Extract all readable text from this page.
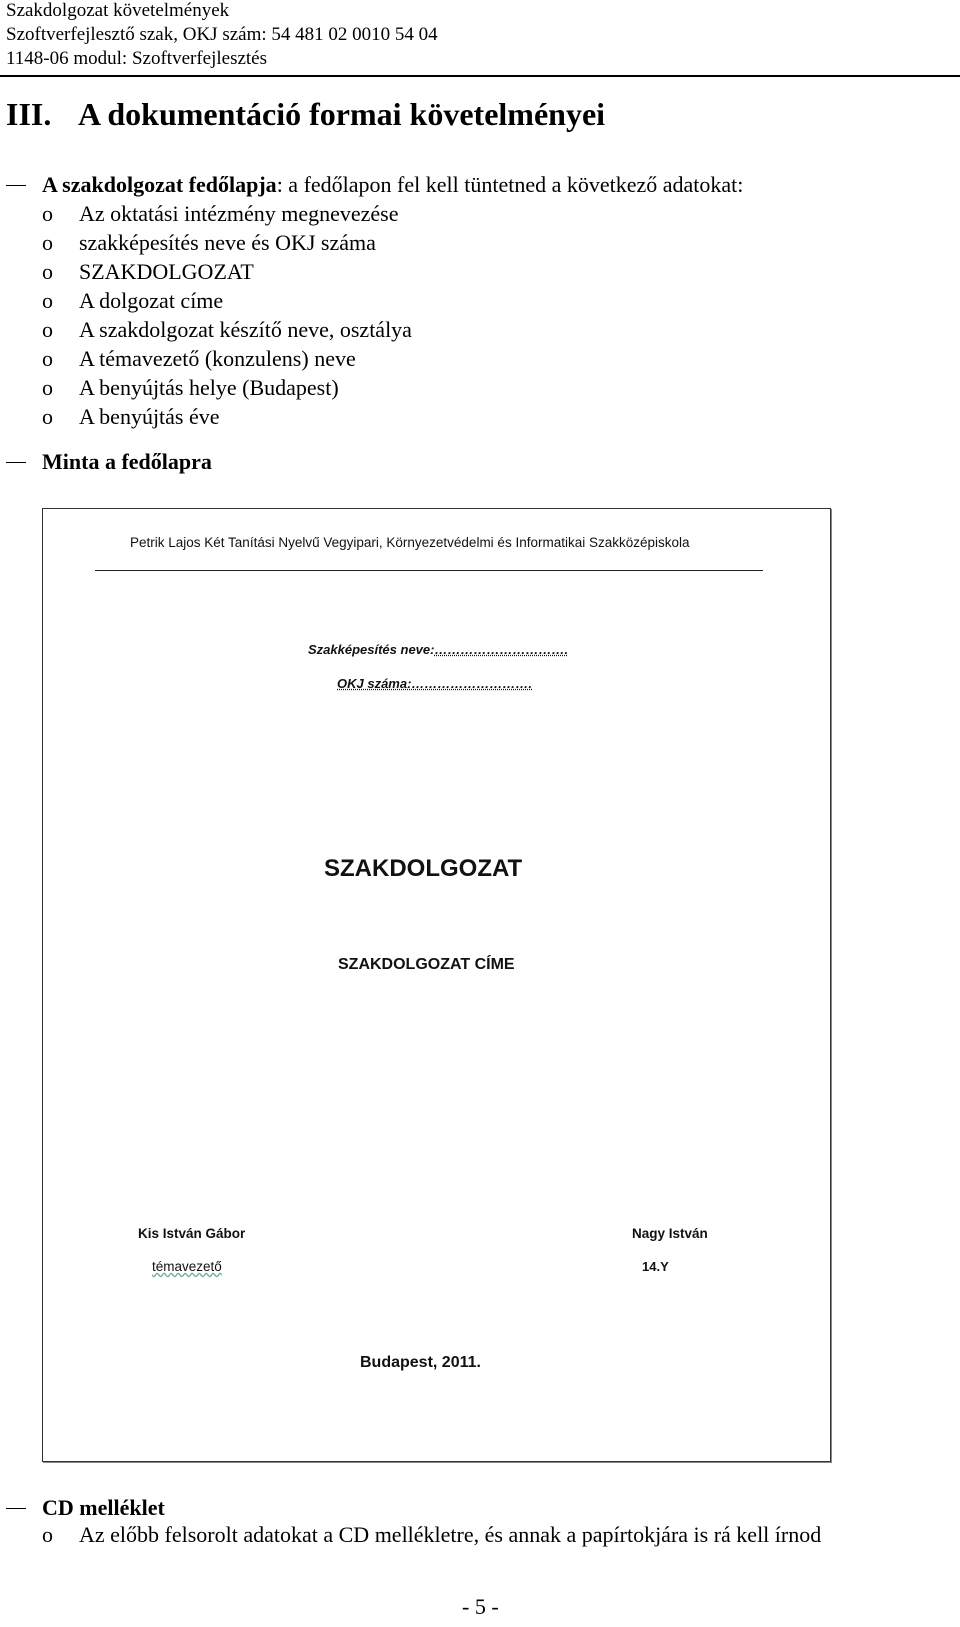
Szakdolgozat követelmények
Szoftverfejlesztő szak, OKJ szám: 54 481 02 0010 54 04
1148-06 modul: Szoftverfejlesztés
III. A dokumentáció formai követelményei
A szakdolgozat fedőlapja: a fedőlapon fel kell tüntetned a következő adatokat:
o Az oktatási intézmény megnevezése
o szakképesítés neve és OKJ száma
o SZAKDOLGOZAT
o A dolgozat címe
o A szakdolgozat készítő neve, osztálya
o A témavezető (konzulens) neve
o A benyújtás helye (Budapest)
o A benyújtás éve
Minta a fedőlapra
Petrik Lajos Két Tanítási Nyelvű Vegyipari, Környezetvédelmi és Informatikai Szakközépiskola
Szakképesítés neve:………………………….
OKJ száma:……………………….
SZAKDOLGOZAT
SZAKDOLGOZAT CÍME
Kis István Gábor
témavezető
Nagy István
14.Y
Budapest, 2011.
CD melléklet
o Az előbb felsorolt adatokat a CD mellékletre, és annak a papírtokjára is rá kell írnod
- 5 -
